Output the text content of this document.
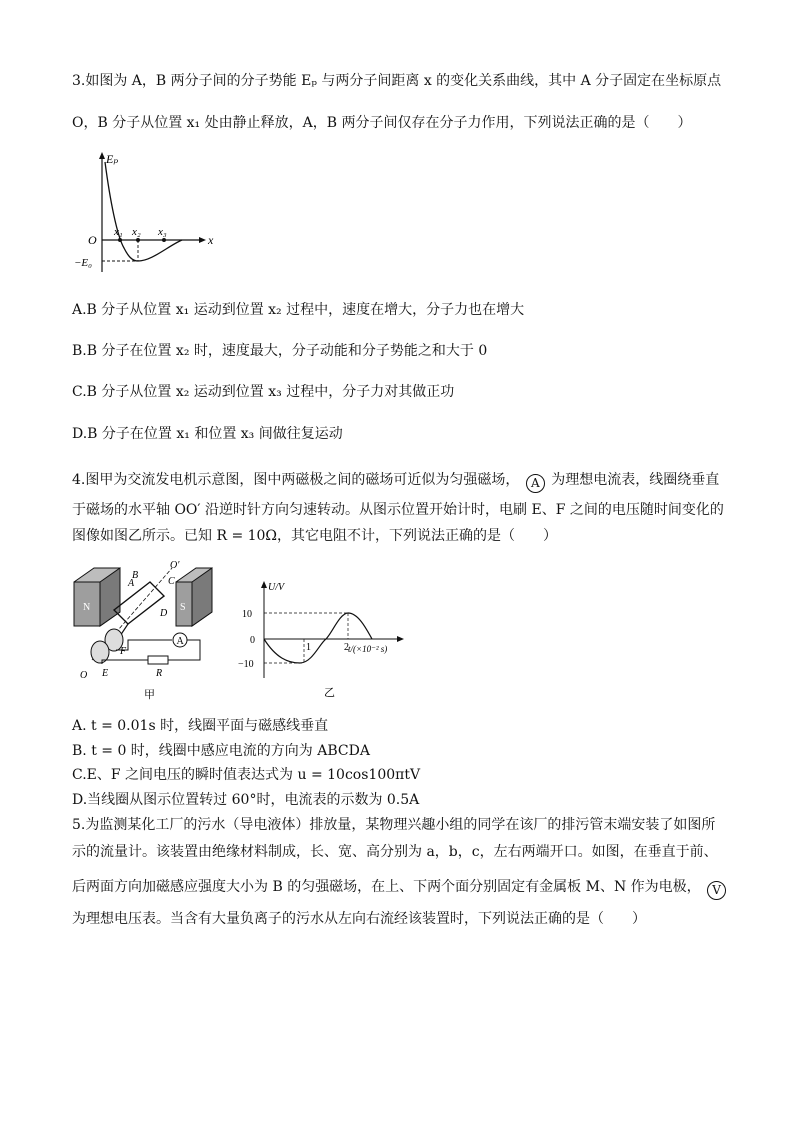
3.如图为 A，B 两分子间的分子势能 Eₚ 与两分子间距离 x 的变化关系曲线，其中 A 分子固定在坐标原点
O，B 分子从位置 x₁ 处由静止释放，A，B 两分子间仅存在分子力作用，下列说法正确的是（　　）
Eₚ
x
O
−E₀
x₁ x₂ x₃
A.B 分子从位置 x₁ 运动到位置 x₂ 过程中，速度在增大，分子力也在增大
B.B 分子在位置 x₂ 时，速度最大，分子动能和分子势能之和大于 0
C.B 分子从位置 x₂ 运动到位置 x₃ 过程中，分子力对其做正功
D.B 分子在位置 x₁ 和位置 x₃ 间做往复运动
4.图甲为交流发电机示意图，图中两磁极之间的磁场可近似为匀强磁场， A 为理想电流表，线圈绕垂直
于磁场的水平轴 OO′ 沿逆时针方向匀速转动。从图示位置开始计时，电刷 E、F 之间的电压随时间变化的
图像如图乙所示。已知 R = 10Ω，其它电阻不计，下列说法正确的是（　　）
N	S
A
A
B
C
D
E
F
R
O
O′
甲
U/V
t/(×10⁻² s)
10
0
−10
1	2
乙
A. t = 0.01s 时，线圈平面与磁感线垂直
B. t = 0 时，线圈中感应电流的方向为 ABCDA
C.E、F 之间电压的瞬时值表达式为 u = 10cos100πtV
D.当线圈从图示位置转过 60°时，电流表的示数为 0.5A
5.为监测某化工厂的污水（导电液体）排放量，某物理兴趣小组的同学在该厂的排污管末端安装了如图所
示的流量计。该装置由绝缘材料制成，长、宽、高分别为 a，b，c，左右两端开口。如图，在垂直于前、
后两面方向加磁感应强度大小为 B 的匀强磁场，在上、下两个面分别固定有金属板 M、N 作为电极， V
为理想电压表。当含有大量负离子的污水从左向右流经该装置时，下列说法正确的是（　　）
